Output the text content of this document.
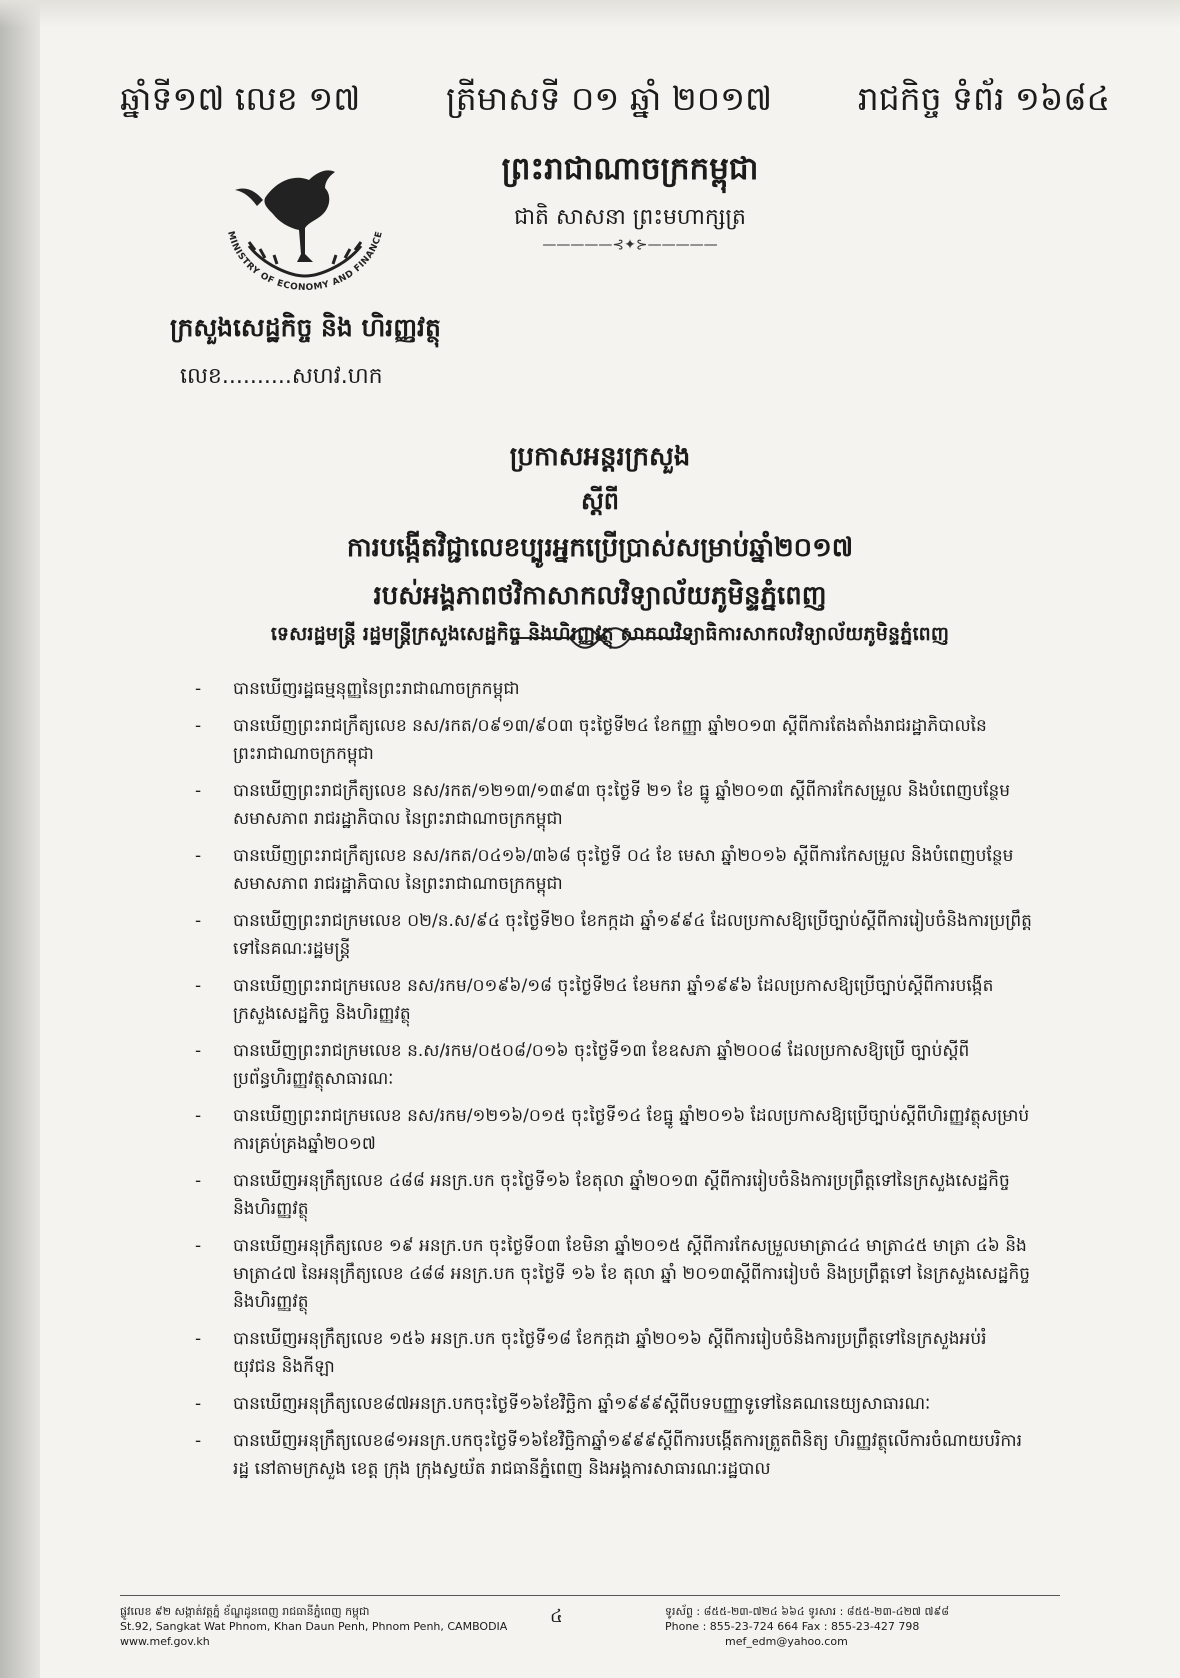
ឆ្នាំទី១៧ លេខ ១៧	ត្រីមាសទី ០១ ឆ្នាំ ២០១៧	រាជកិច្ច ទំព័រ ១៦៨៤
MINISTRY OF ECONOMY AND FINANCE
ព្រះរាជាណាចក្រកម្ពុជា
ជាតិ សាសនា ព្រះមហាក្សត្រ
—————⊰✦⊱—————
ក្រសួងសេដ្ឋកិច្ច និង ហិរញ្ញវត្ថុ
លេខ..........សហវ.ហក
ប្រកាសអន្តរក្រសួង
ស្តីពី
ការបង្កើតវិជ្ជាលេខប្បូរអ្នកប្រើប្រាស់សម្រាប់ឆ្នាំ២០១៧
របស់អង្គភាពថវិកាសាកលវិទ្យាល័យភូមិន្ទភ្នំពេញ
ទេសរដ្ឋមន្ត្រី រដ្ឋមន្ត្រីក្រសួងសេដ្ឋកិច្ច និងហិរញ្ញវត្ថុ សាកលវិទ្យាធិការសាកលវិទ្យាល័យភូមិន្ទភ្នំពេញ
- បានឃើញរដ្ឋធម្មនុញ្ញនៃព្រះរាជាណាចក្រកម្ពុជា
- បានឃើញព្រះរាជក្រឹត្យលេខ នស/រកត/០៩១៣/៩០៣ ចុះថ្ងៃទី២៤ ខែកញ្ញា ឆ្នាំ២០១៣ ស្តីពីការតែងតាំងរាជរដ្ឋាភិបាលនៃព្រះរាជាណាចក្រកម្ពុជា
- បានឃើញព្រះរាជក្រឹត្យលេខ នស/រកត/១២១៣/១៣៩៣ ចុះថ្ងៃទី ២១ ខែ ធ្នូ ឆ្នាំ២០១៣ ស្តីពីការកែសម្រួល និងបំពេញបន្ថែម សមាសភាព រាជរដ្ឋាភិបាល នៃព្រះរាជាណាចក្រកម្ពុជា
- បានឃើញព្រះរាជក្រឹត្យលេខ នស/រកត/០៤១៦/៣៦៨ ចុះថ្ងៃទី ០៤ ខែ មេសា ឆ្នាំ២០១៦ ស្តីពីការកែសម្រួល និងបំពេញបន្ថែម សមាសភាព រាជរដ្ឋាភិបាល នៃព្រះរាជាណាចក្រកម្ពុជា
- បានឃើញព្រះរាជក្រមលេខ ០២/ន.ស/៩៤ ចុះថ្ងៃទី២០ ខែកក្កដា ឆ្នាំ១៩៩៤ ដែលប្រកាសឱ្យប្រើច្បាប់ស្តីពីការរៀបចំនិងការប្រព្រឹត្តទៅនៃគណៈរដ្ឋមន្ត្រី
- បានឃើញព្រះរាជក្រមលេខ នស/រកម/០១៩៦/១៨ ចុះថ្ងៃទី២៤ ខែមករា ឆ្នាំ១៩៩៦ ដែលប្រកាសឱ្យប្រើច្បាប់ស្តីពីការបង្កើតក្រសួងសេដ្ឋកិច្ច និងហិរញ្ញវត្ថុ
- បានឃើញព្រះរាជក្រមលេខ ន.ស/រកម/០៥០៨/០១៦ ចុះថ្ងៃទី១៣ ខែឧសភា ឆ្នាំ២០០៨ ដែលប្រកាសឱ្យប្រើ ច្បាប់ស្តីពីប្រព័ន្ធហិរញ្ញវត្ថុសាធារណៈ
- បានឃើញព្រះរាជក្រមលេខ នស/រកម/១២១៦/០១៥ ចុះថ្ងៃទី១៤ ខែធ្នូ ឆ្នាំ២០១៦ ដែលប្រកាសឱ្យប្រើច្បាប់ស្តីពីហិរញ្ញវត្ថុសម្រាប់ការគ្រប់គ្រងឆ្នាំ២០១៧
- បានឃើញអនុក្រឹត្យលេខ ៤៨៨ អនក្រ.បក ចុះថ្ងៃទី១៦ ខែតុលា ឆ្នាំ២០១៣ ស្តីពីការរៀបចំនិងការប្រព្រឹត្តទៅនៃក្រសួងសេដ្ឋកិច្ច និងហិរញ្ញវត្ថុ
- បានឃើញអនុក្រឹត្យលេខ ១៩ អនក្រ.បក ចុះថ្ងៃទី០៣ ខែមិនា ឆ្នាំ២០១៥ ស្តីពីការកែសម្រួលមាត្រា៤៤ មាត្រា៤៥ មាត្រា ៤៦ និងមាត្រា៤៧ នៃអនុក្រឹត្យលេខ ៤៨៨ អនក្រ.បក ចុះថ្ងៃទី ១៦ ខែ តុលា ឆ្នាំ ២០១៣ស្តីពីការរៀបចំ និងប្រព្រឹត្តទៅ នៃក្រសួងសេដ្ឋកិច្ច និងហិរញ្ញវត្ថុ
- បានឃើញអនុក្រឹត្យលេខ ១៥៦ អនក្រ.បក ចុះថ្ងៃទី១៨ ខែកក្កដា ឆ្នាំ២០១៦ ស្តីពីការរៀបចំនិងការប្រព្រឹត្តទៅនៃក្រសួងអប់រំ យុវជន និងកីឡា
- បានឃើញអនុក្រឹត្យលេខ៨៧អនក្រ.បកចុះថ្ងៃទី១៦ខែវិច្ឆិកា ឆ្នាំ១៩៩៩ស្តីពីបទបញ្ញាទូទៅនៃគណនេយ្យសាធារណៈ
- បានឃើញអនុក្រឹត្យលេខ៨១អនក្រ.បកចុះថ្ងៃទី១៦ខែវិច្ឆិកាឆ្នាំ១៩៩៩ស្តីពីការបង្កើតការត្រួតពិនិត្យ ហិរញ្ញវត្ថុលើការចំណាយបរិការរដ្ឋ នៅតាមក្រសួង ខេត្ត ក្រុង ក្រុងស្វយ័ត រាជធានីភ្នំពេញ និងអង្គការសាធារណៈរដ្ឋបាល
ផ្លូវលេខ ៩២ សង្កាត់វត្តភ្នំ ខ័ណ្ឌដូនពេញ រាជធានីភ្នំពេញ កម្ពុជា
St.92, Sangkat Wat Phnom, Khan Daun Penh, Phnom Penh, CAMBODIA
www.mef.gov.kh
៤	ទូរស័ព្ទ : ៨៥៥-២៣-៧២៤ ៦៦៤ ទូរសារ : ៨៥៥-២៣-៤២៧ ៧៩៨
Phone : 855-23-724 664 Fax : 855-23-427 798
mef_edm@yahoo.com
